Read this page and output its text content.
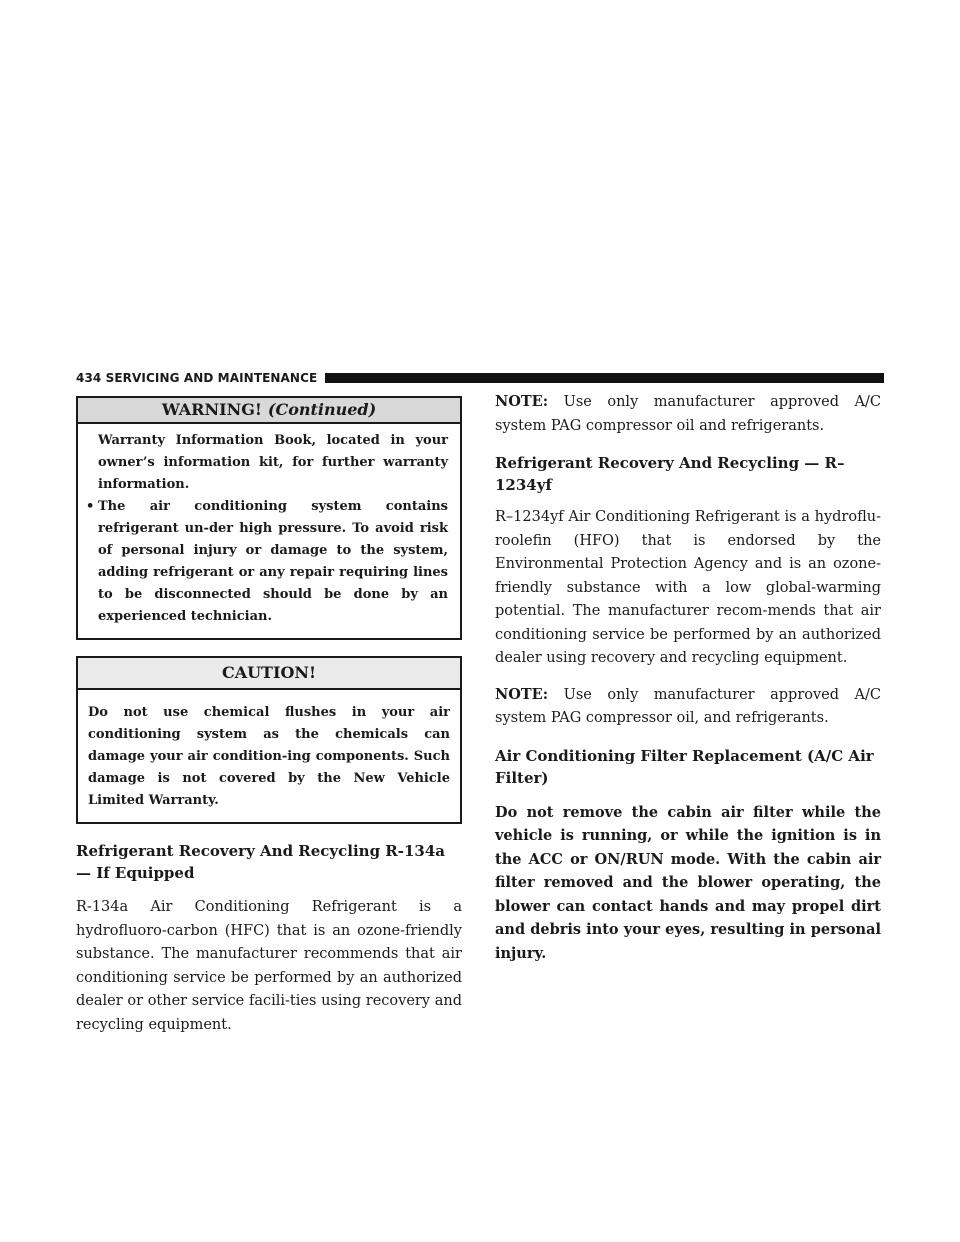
434 SERVICING AND MAINTENANCE
WARNING! (Continued)
Warranty Information Book, located in your owner’s information kit, for further warranty information.
• The air conditioning system contains refrigerant un-der high pressure. To avoid risk of personal injury or damage to the system, adding refrigerant or any repair requiring lines to be disconnected should be done by an experienced technician.
CAUTION!
Do not use chemical flushes in your air conditioning system as the chemicals can damage your air condition-ing components. Such damage is not covered by the New Vehicle Limited Warranty.
Refrigerant Recovery And Recycling R-134a — If Equipped

R-134a Air Conditioning Refrigerant is a hydrofluoro-carbon (HFC) that is an ozone-friendly substance. The manufacturer recommends that air conditioning service be performed by an authorized dealer or other service facili-ties using recovery and recycling equipment.

NOTE: Use only manufacturer approved A/C system PAG compressor oil and refrigerants.

Refrigerant Recovery And Recycling — R–1234yf

R–1234yf Air Conditioning Refrigerant is a hydroflu-roolefin (HFO) that is endorsed by the Environmental Protection Agency and is an ozone-friendly substance with a low global-warming potential. The manufacturer recom-mends that air conditioning service be performed by an authorized dealer using recovery and recycling equipment.

NOTE: Use only manufacturer approved A/C system PAG compressor oil, and refrigerants.

Air Conditioning Filter Replacement (A/C Air Filter)

Do not remove the cabin air filter while the vehicle is running, or while the ignition is in the ACC or ON/RUN mode. With the cabin air filter removed and the blower operating, the blower can contact hands and may propel dirt and debris into your eyes, resulting in personal injury.
